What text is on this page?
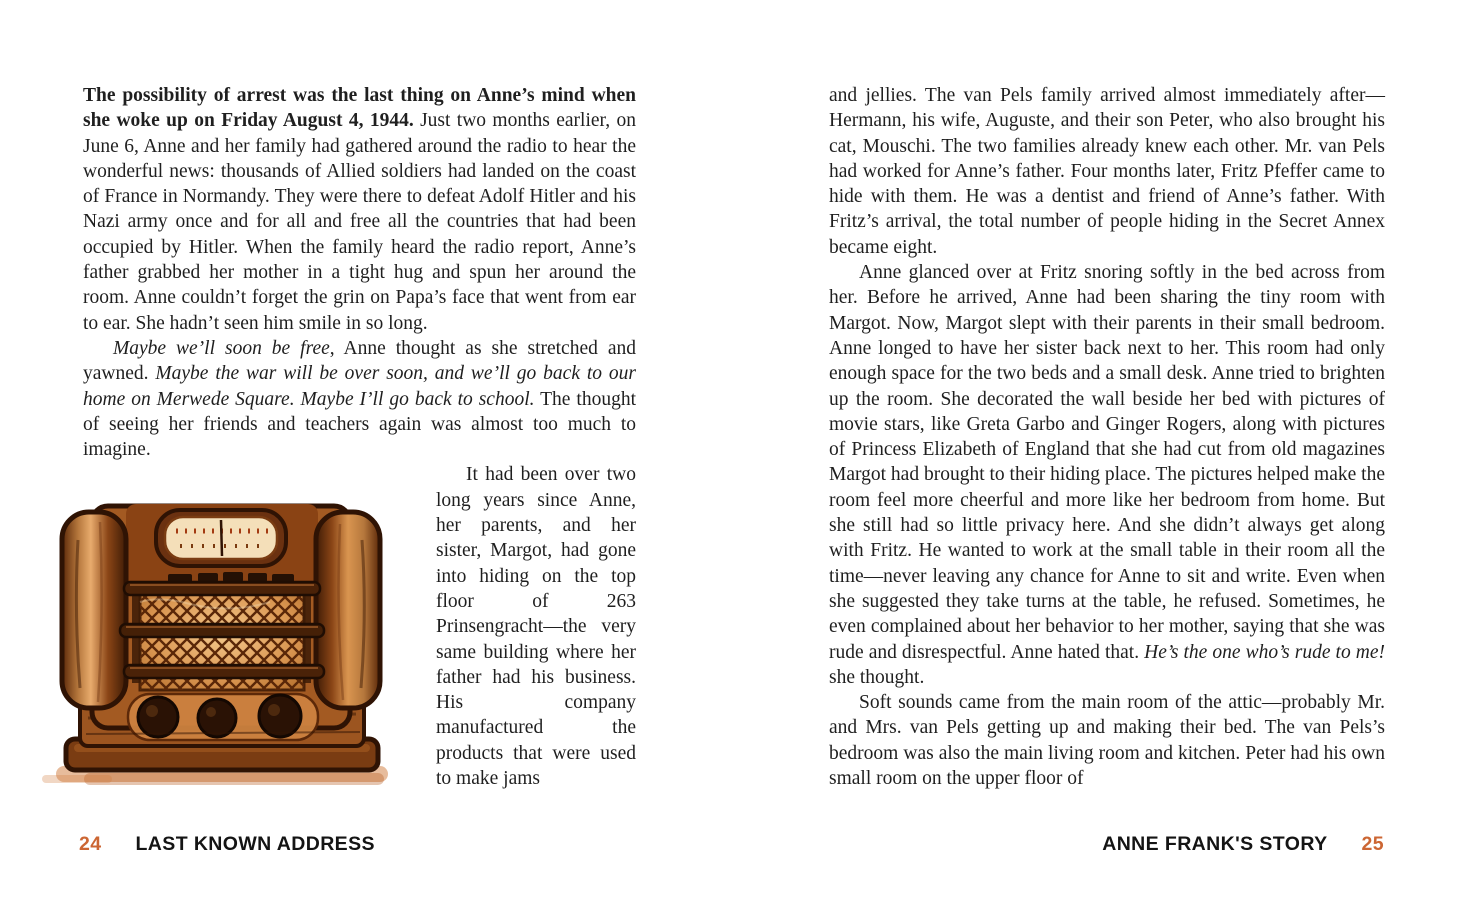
The possibility of arrest was the last thing on Anne’s mind when she woke up on Friday August 4, 1944. Just two months earlier, on June 6, Anne and her family had gathered around the radio to hear the wonderful news: thousands of Allied soldiers had landed on the coast of France in Normandy. They were there to defeat Adolf Hitler and his Nazi army once and for all and free all the countries that had been occupied by Hitler. When the family heard the radio report, Anne’s father grabbed her mother in a tight hug and spun her around the room. Anne couldn’t forget the grin on Papa’s face that went from ear to ear. She hadn’t seen him smile in so long.

Maybe we’ll soon be free, Anne thought as she stretched and yawned. Maybe the war will be over soon, and we’ll go back to our home on Merwede Square. Maybe I’ll go back to school. The thought of seeing her friends and teachers again was almost too much to imagine.

It had been over two long years since Anne, her parents, and her sister, Margot, had gone into hiding on the top floor of 263 Prinsengracht—the very same building where her father had his business. His company manufactured the products that were used to make jams

and jellies. The van Pels family arrived almost immediately after—Hermann, his wife, Auguste, and their son Peter, who also brought his cat, Mouschi. The two families already knew each other. Mr. van Pels had worked for Anne’s father. Four months later, Fritz Pfeffer came to hide with them. He was a dentist and friend of Anne’s father. With Fritz’s arrival, the total number of people hiding in the Secret Annex became eight.

Anne glanced over at Fritz snoring softly in the bed across from her. Before he arrived, Anne had been sharing the tiny room with Margot. Now, Margot slept with their parents in their small bedroom. Anne longed to have her sister back next to her. This room had only enough space for the two beds and a small desk. Anne tried to brighten up the room. She decorated the wall beside her bed with pictures of movie stars, like Greta Garbo and Ginger Rogers, along with pictures of Princess Elizabeth of England that she had cut from old magazines Margot had brought to their hiding place. The pictures helped make the room feel more cheerful and more like her bedroom from home. But she still had so little privacy here. And she didn’t always get along with Fritz. He wanted to work at the small table in their room all the time—never leaving any chance for Anne to sit and write. Even when she suggested they take turns at the table, he refused. Sometimes, he even complained about her behavior to her mother, saying that she was rude and disrespectful. Anne hated that. He’s the one who’s rude to me! she thought.

Soft sounds came from the main room of the attic—probably Mr. and Mrs. van Pels getting up and making their bed. The van Pels’s bedroom was also the main living room and kitchen. Peter had his own small room on the upper floor of

24 LAST KNOWN ADDRESS	ANNE FRANK'S STORY 25
